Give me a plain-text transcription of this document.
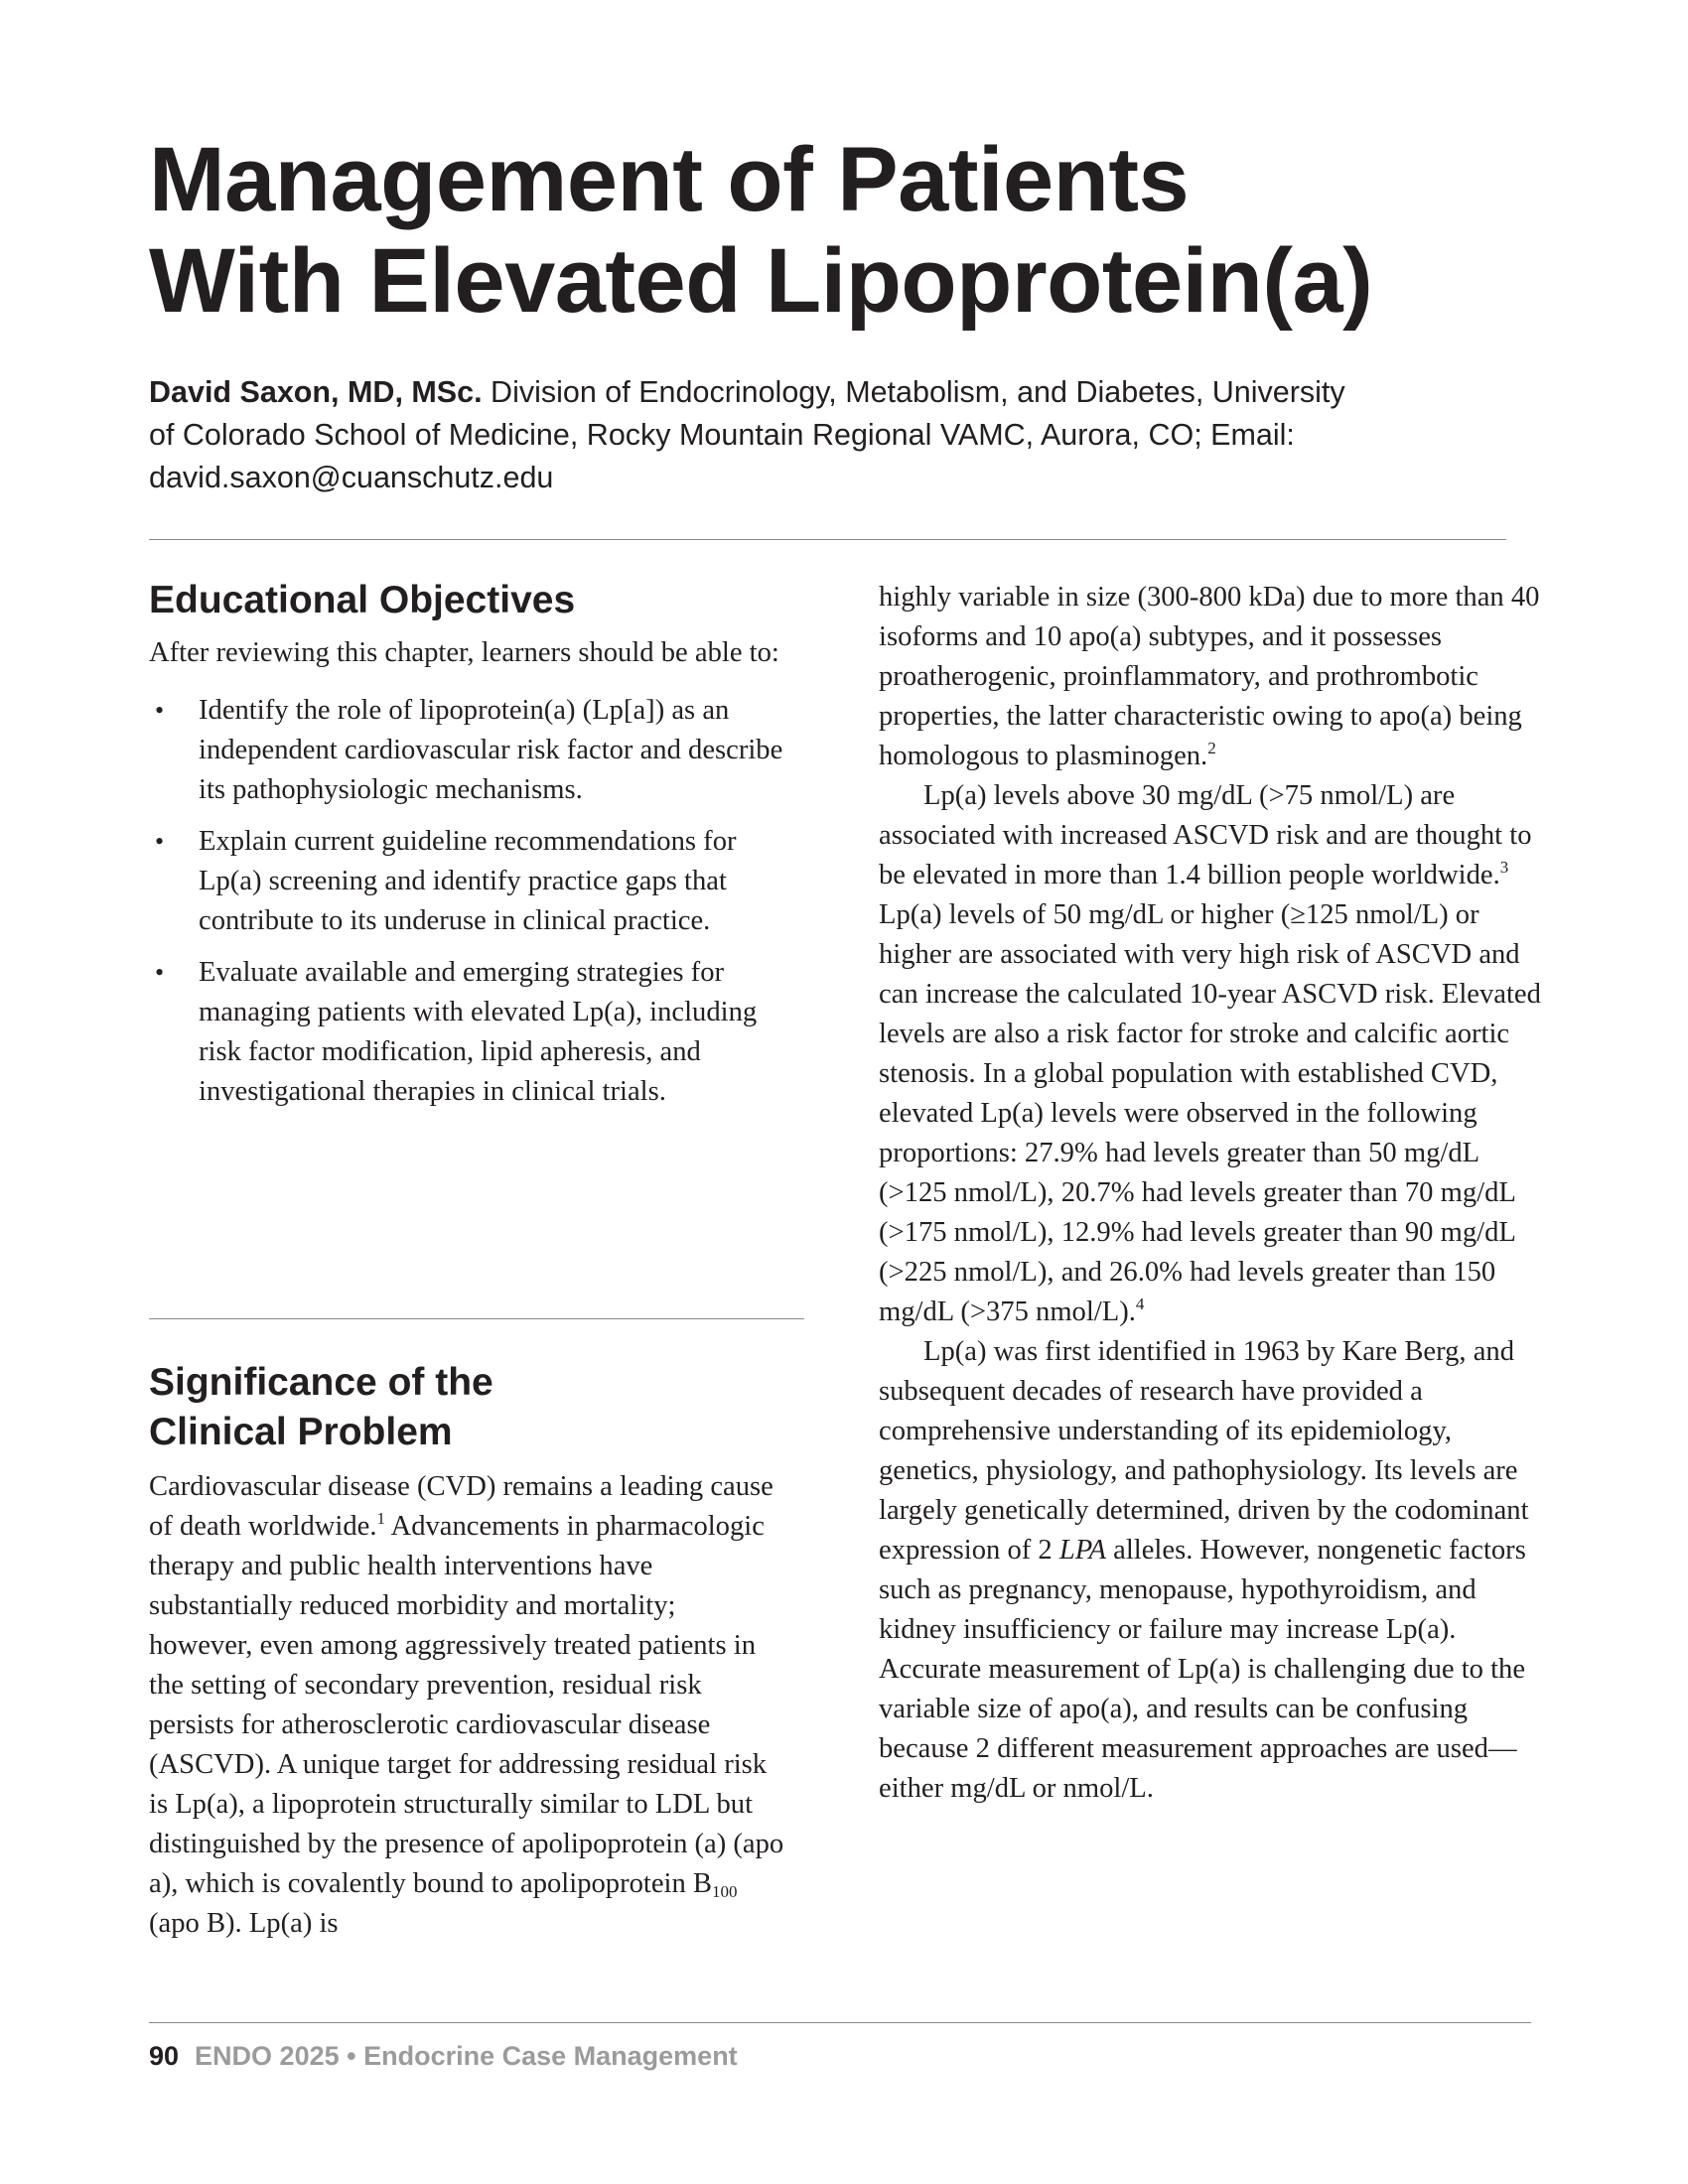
Management of Patients
With Elevated Lipoprotein(a)
David Saxon, MD, MSc. Division of Endocrinology, Metabolism, and Diabetes, University
of Colorado School of Medicine, Rocky Mountain Regional VAMC, Aurora, CO; Email:
david.saxon@cuanschutz.edu
Educational Objectives

After reviewing this chapter, learners should be able to:

• Identify the role of lipoprotein(a) (Lp[a]) as an independent cardiovascular risk factor and describe its pathophysiologic mechanisms.
• Explain current guideline recommendations for Lp(a) screening and identify practice gaps that contribute to its underuse in clinical practice.
• Evaluate available and emerging strategies for managing patients with elevated Lp(a), including risk factor modification, lipid apheresis, and investigational therapies in clinical trials.
Significance of the
Clinical Problem

Cardiovascular disease (CVD) remains a leading cause of death worldwide.$^1$ Advancements in pharmacologic therapy and public health interventions have substantially reduced morbidity and mortality; however, even among aggressively treated patients in the setting of secondary prevention, residual risk persists for atherosclerotic cardiovascular disease (ASCVD). A unique target for addressing residual risk is Lp(a), a lipoprotein structurally similar to LDL but distinguished by the presence of apolipoprotein (a) (apo a), which is covalently bound to apolipoprotein $B_{100}$ (apo B). Lp(a) is

highly variable in size (300-800 kDa) due to more than 40 isoforms and 10 apo(a) subtypes, and it possesses proatherogenic, proinflammatory, and prothrombotic properties, the latter characteristic owing to apo(a) being homologous to plasminogen.$^2$

Lp(a) levels above 30 mg/dL (>75 nmol/L) are associated with increased ASCVD risk and are thought to be elevated in more than 1.4 billion people worldwide.$^3$ Lp(a) levels of 50 mg/dL or higher (≥125 nmol/L) or higher are associated with very high risk of ASCVD and can increase the calculated 10-year ASCVD risk. Elevated levels are also a risk factor for stroke and calcific aortic stenosis. In a global population with established CVD, elevated Lp(a) levels were observed in the following proportions: 27.9% had levels greater than 50 mg/dL (>125 nmol/L), 20.7% had levels greater than 70 mg/dL (>175 nmol/L), 12.9% had levels greater than 90 mg/dL (>225 nmol/L), and 26.0% had levels greater than 150 mg/dL (>375 nmol/L).$^4$

Lp(a) was first identified in 1963 by Kare Berg, and subsequent decades of research have provided a comprehensive understanding of its epidemiology, genetics, physiology, and pathophysiology. Its levels are largely genetically determined, driven by the codominant expression of 2 LPA alleles. However, nongenetic factors such as pregnancy, menopause, hypothyroidism, and kidney insufficiency or failure may increase Lp(a). Accurate measurement of Lp(a) is challenging due to the variable size of apo(a), and results can be confusing because 2 different measurement approaches are used—either mg/dL or nmol/L.

90 ENDO 2025 • Endocrine Case Management
